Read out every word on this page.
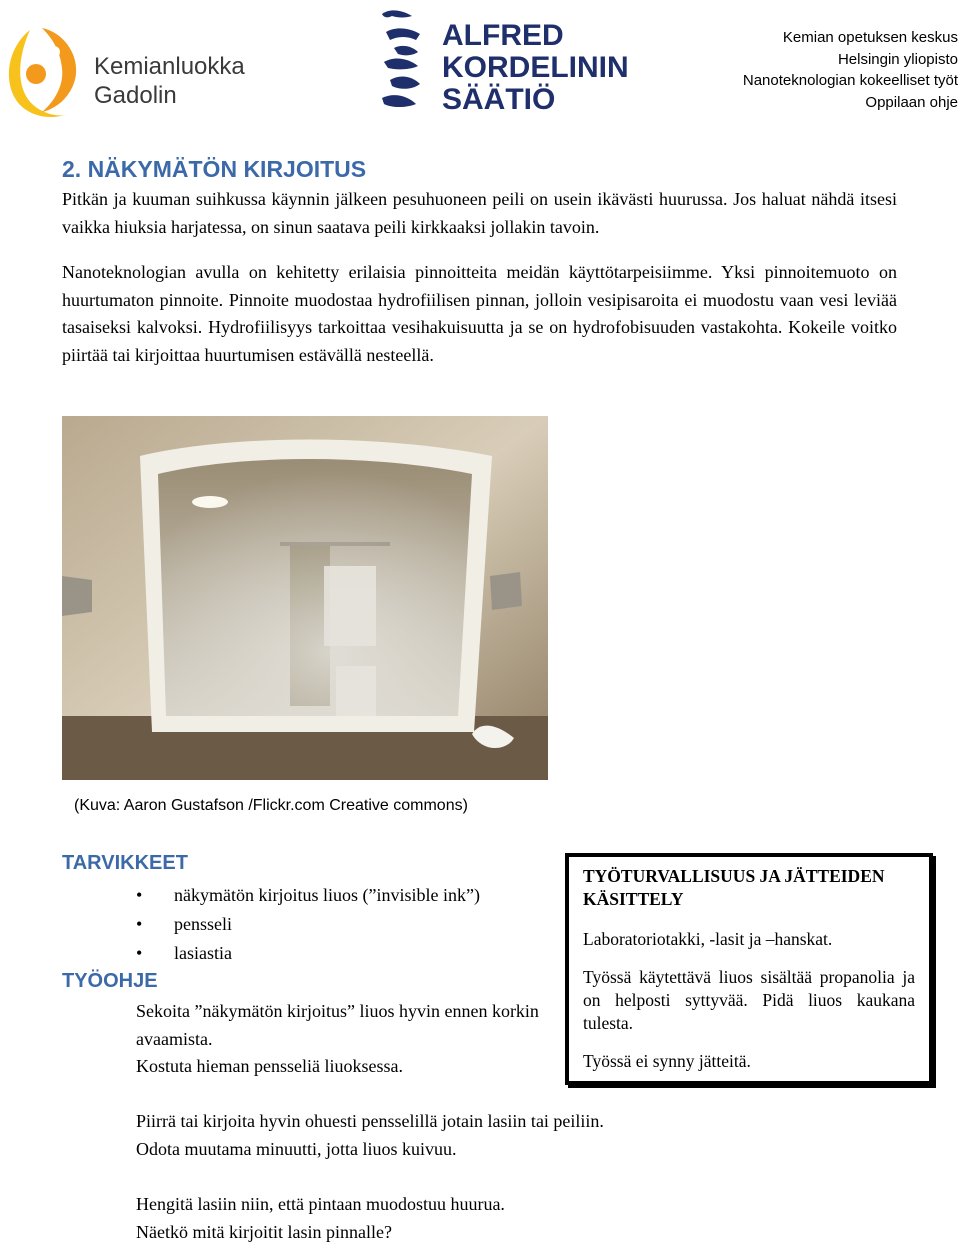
Kemianluokka
Gadolin
ALFRED
KORDELININ
SÄÄTIÖ
Kemian opetuksen keskus
Helsingin yliopisto
Nanoteknologian kokeelliset työt
Oppilaan ohje
2. NÄKYMÄTÖN KIRJOITUS

Pitkän ja kuuman suihkussa käynnin jälkeen pesuhuoneen peili on usein ikävästi huurussa. Jos haluat nähdä itsesi vaikka hiuksia harjatessa, on sinun saatava peili kirkkaaksi jollakin tavoin.

Nanoteknologian avulla on kehitetty erilaisia pinnoitteita meidän käyttötarpeisiimme. Yksi pinnoitemuoto on huurtumaton pinnoite. Pinnoite muodostaa hydrofiilisen pinnan, jolloin vesipisaroita ei muodostu vaan vesi leviää tasaiseksi kalvoksi. Hydrofiilisyys tarkoittaa vesihakuisuutta ja se on hydrofobisuuden vastakohta. Kokeile voitko piirtää tai kirjoittaa huurtumisen estävällä nesteellä.

(Kuva: Aaron Gustafson /Flickr.com Creative commons)
TARVIKKEET
• näkymätön kirjoitus liuos (”invisible ink”)
• pensseli
• lasiastia
TYÖOHJE

Sekoita ”näkymätön kirjoitus” liuos hyvin ennen korkin avaamista.

Kostuta hieman pensseliä liuoksessa.

Piirrä tai kirjoita hyvin ohuesti pensselillä jotain lasiin tai peiliin.

Odota muutama minuutti, jotta liuos kuivuu.

Hengitä lasiin niin, että pintaan muodostuu huurua.

Näetkö mitä kirjoitit lasin pinnalle?

TYÖTURVALLISUUS JA JÄTTEIDEN KÄSITTELY

Laboratoriotakki, -lasit ja –hanskat.

Työssä käytettävä liuos sisältää propanolia ja on helposti syttyvää. Pidä liuos kaukana tulesta.

Työssä ei synny jätteitä.
